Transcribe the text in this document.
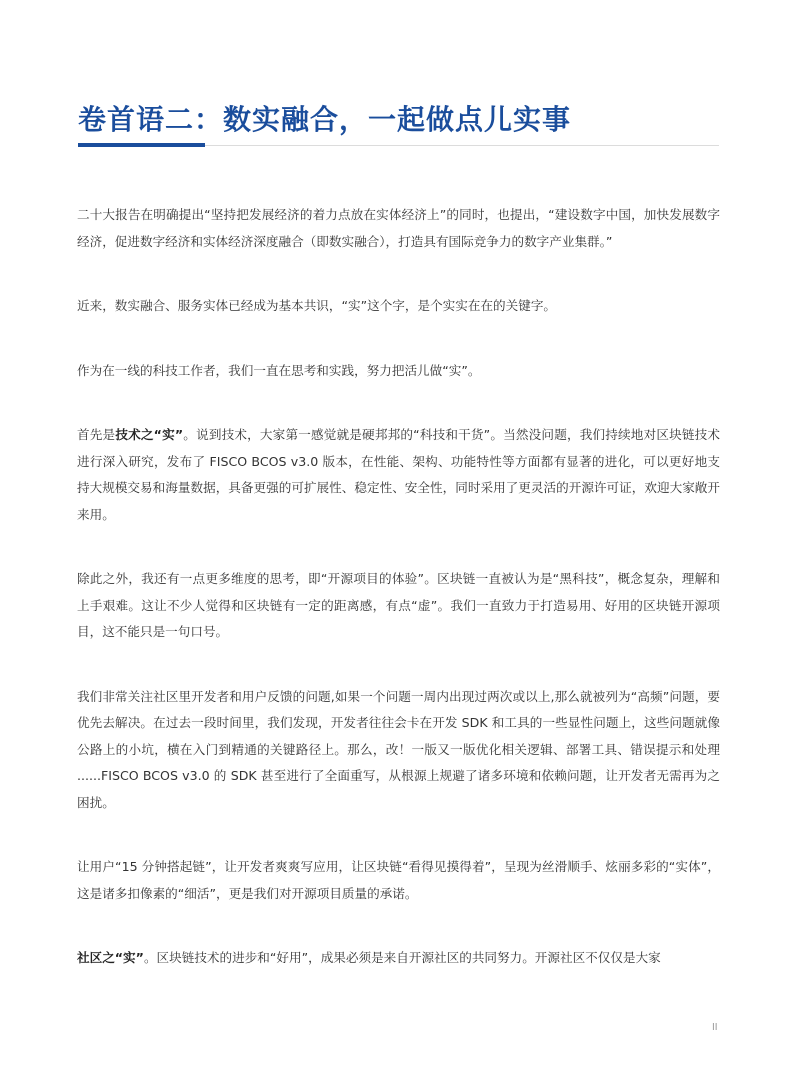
卷首语二：数实融合，一起做点儿实事

二十大报告在明确提出“坚持把发展经济的着力点放在实体经济上”的同时，也提出，“建设数字中国，加快发展数字经济，促进数字经济和实体经济深度融合（即数实融合），打造具有国际竞争力的数字产业集群。”

近来，数实融合、服务实体已经成为基本共识，“实”这个字，是个实实在在的关键字。

作为在一线的科技工作者，我们一直在思考和实践，努力把活儿做“实”。

首先是技术之“实”。说到技术，大家第一感觉就是硬邦邦的“科技和干货”。当然没问题，我们持续地对区块链技术进行深入研究，发布了 FISCO BCOS v3.0 版本，在性能、架构、功能特性等方面都有显著的进化，可以更好地支持大规模交易和海量数据，具备更强的可扩展性、稳定性、安全性，同时采用了更灵活的开源许可证，欢迎大家敞开来用。

除此之外，我还有一点更多维度的思考，即“开源项目的体验”。区块链一直被认为是“黑科技”，概念复杂，理解和上手艰难。这让不少人觉得和区块链有一定的距离感，有点“虚”。我们一直致力于打造易用、好用的区块链开源项目，这不能只是一句口号。

我们非常关注社区里开发者和用户反馈的问题,如果一个问题一周内出现过两次或以上,那么就被列为“高频”问题，要优先去解决。在过去一段时间里，我们发现，开发者往往会卡在开发 SDK 和工具的一些显性问题上，这些问题就像公路上的小坑，横在入门到精通的关键路径上。那么，改！一版又一版优化相关逻辑、部署工具、错误提示和处理 ......FISCO BCOS v3.0 的 SDK 甚至进行了全面重写，从根源上规避了诸多环境和依赖问题，让开发者无需再为之困扰。

让用户“15 分钟搭起链”，让开发者爽爽写应用，让区块链“看得见摸得着”，呈现为丝滑顺手、炫丽多彩的“实体”，这是诸多扣像素的“细活”，更是我们对开源项目质量的承诺。

社区之“实”。区块链技术的进步和“好用”，成果必须是来自开源社区的共同努力。开源社区不仅仅是大家

II
